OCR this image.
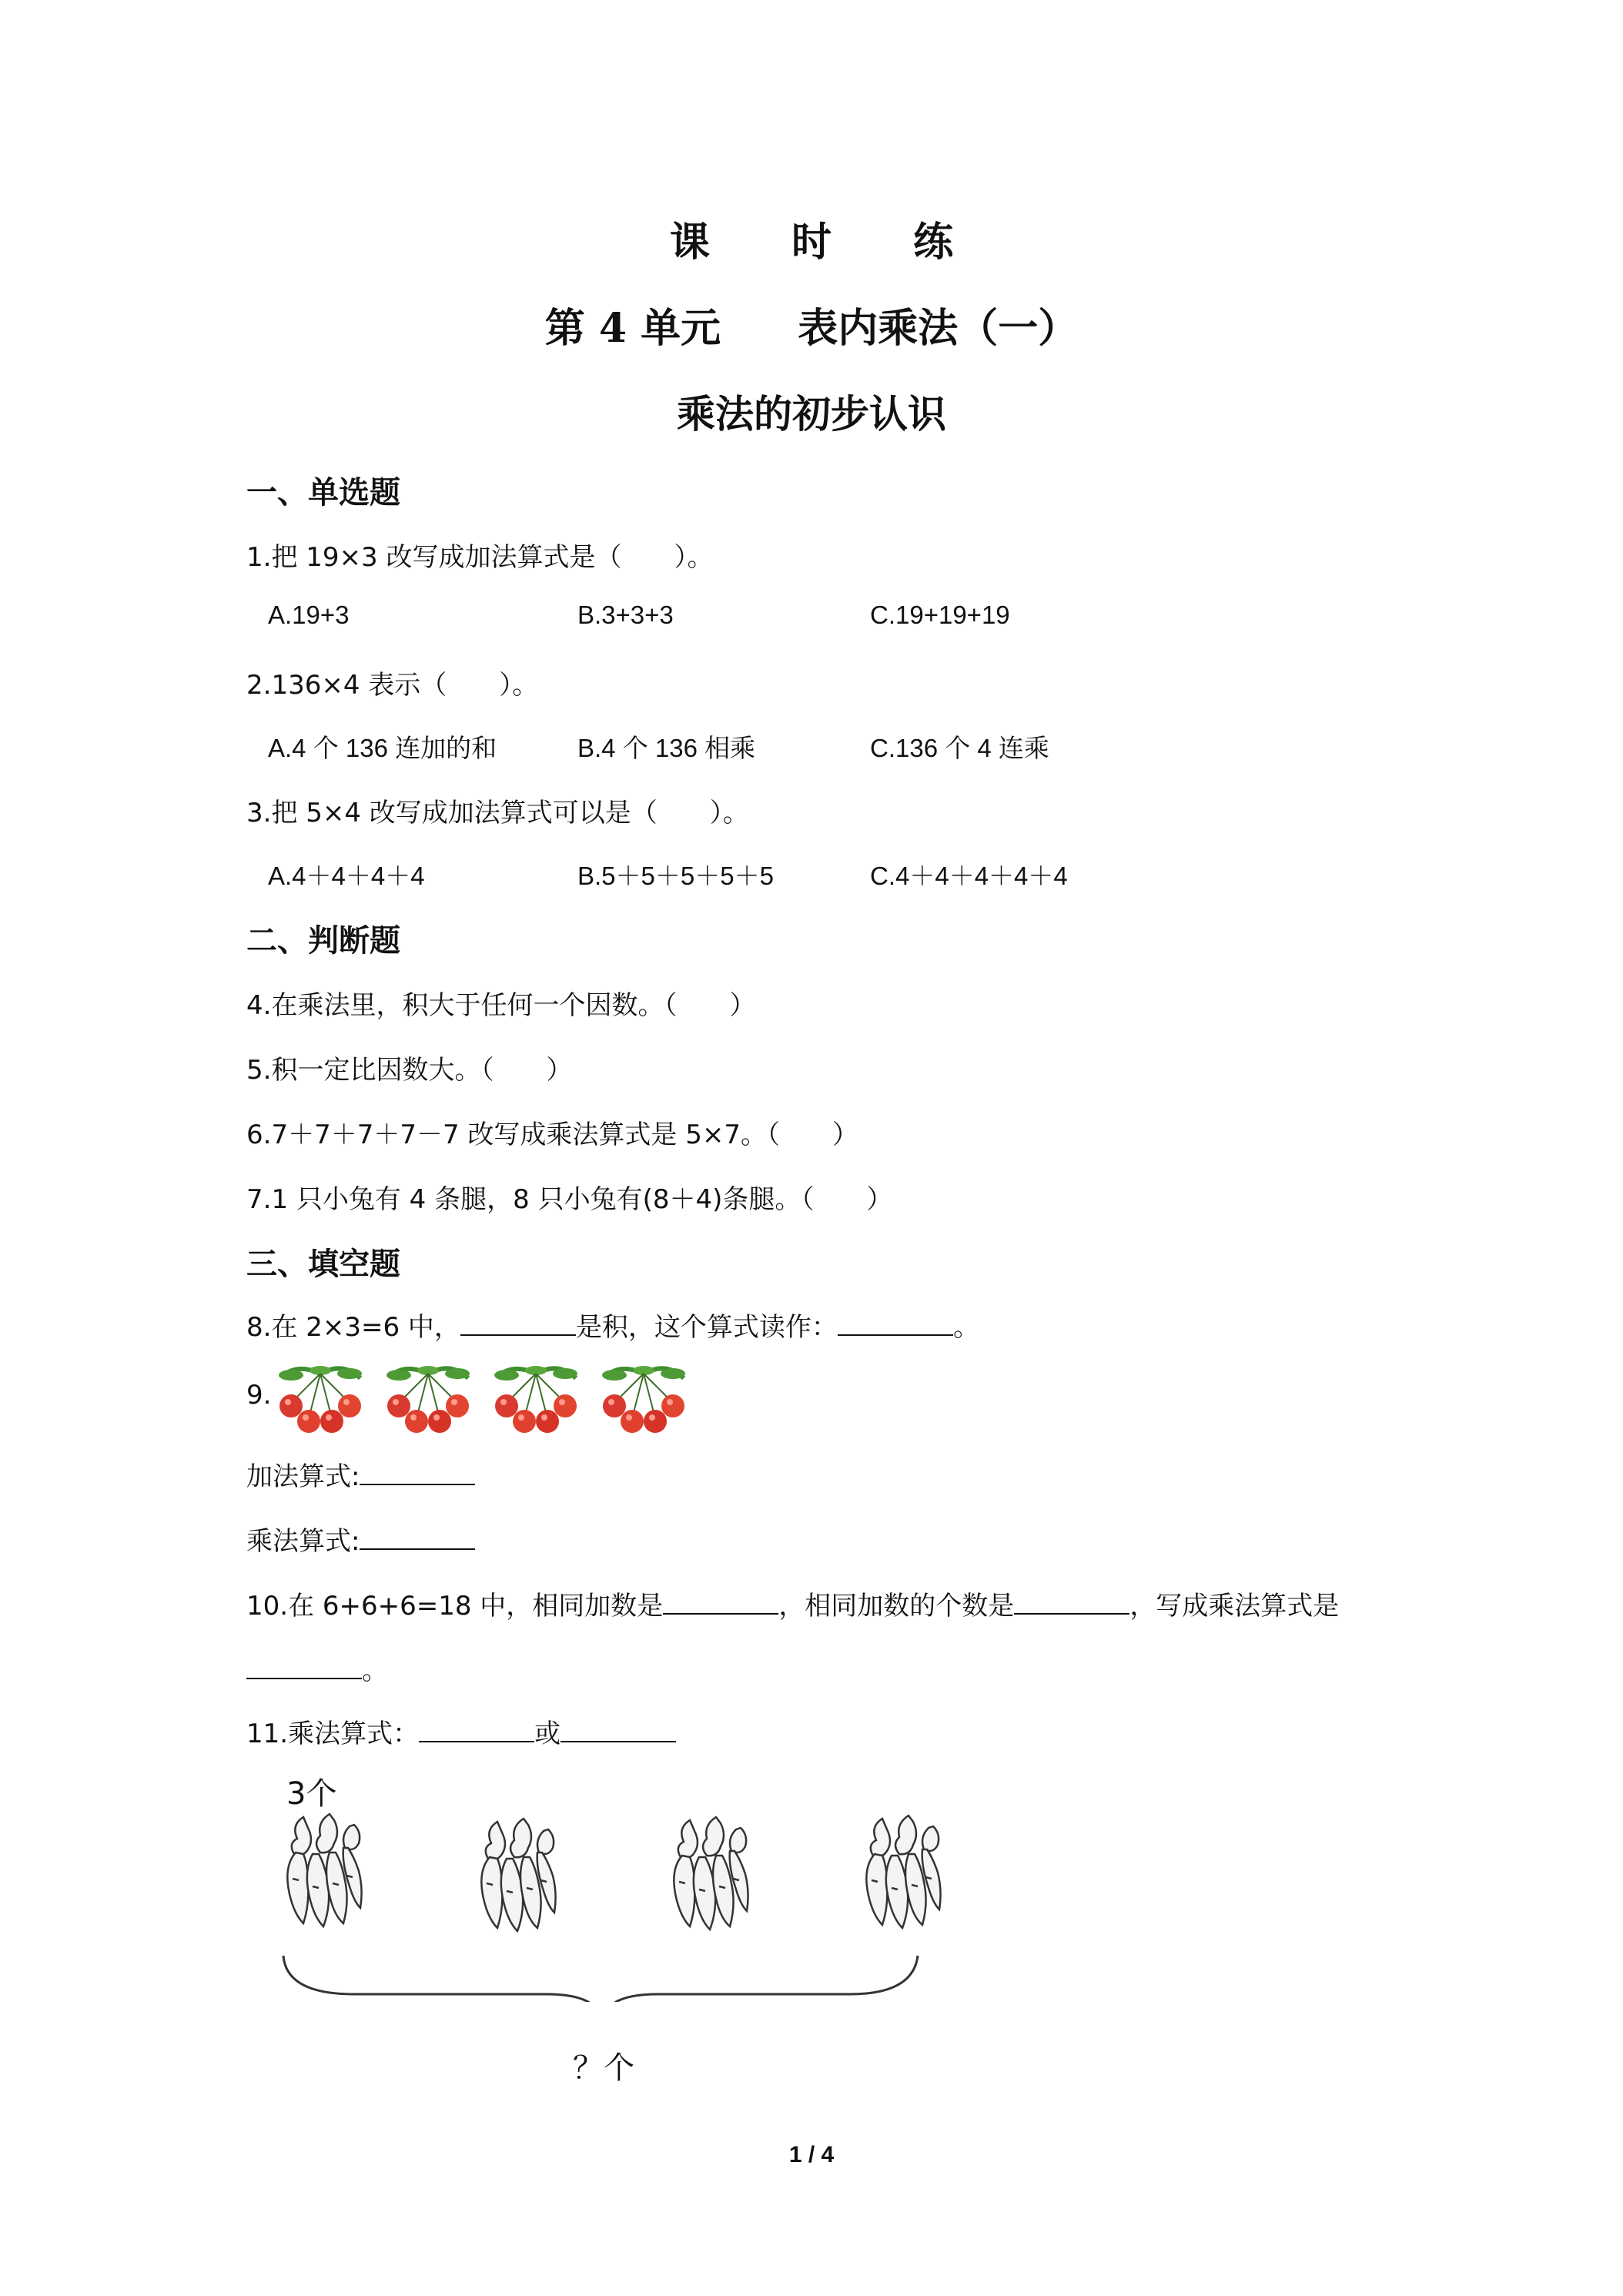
课 时 练
第 4 单元 表内乘法（一）
乘法的初步认识
一、单选题
1.把 19×3 改写成加法算式是（　　）。
A.19+3	B.3+3+3	C.19+19+19
2.136×4 表示（　　）。
A.4 个 136 连加的和	B.4 个 136 相乘	C.136 个 4 连乘
3.把 5×4 改写成加法算式可以是（　　）。
A.4＋4＋4＋4	B.5＋5＋5＋5＋5	C.4＋4＋4＋4＋4
二、判断题
4.在乘法里，积大于任何一个因数。（　　）
5.积一定比因数大。（　　）
6.7＋7＋7＋7－7 改写成乘法算式是 5×7。（　　）
7.1 只小兔有 4 条腿，8 只小兔有(8＋4)条腿。（　　）
三、填空题
8.在 2×3=6 中，	是积，这个算式读作：	。
9.
加法算式:
乘法算式:
10.在 6+6+6=18 中，相同加数是	，相同加数的个数是	，写成乘法算式是
。
11.乘法算式：	或
3个
？个
1 / 4
